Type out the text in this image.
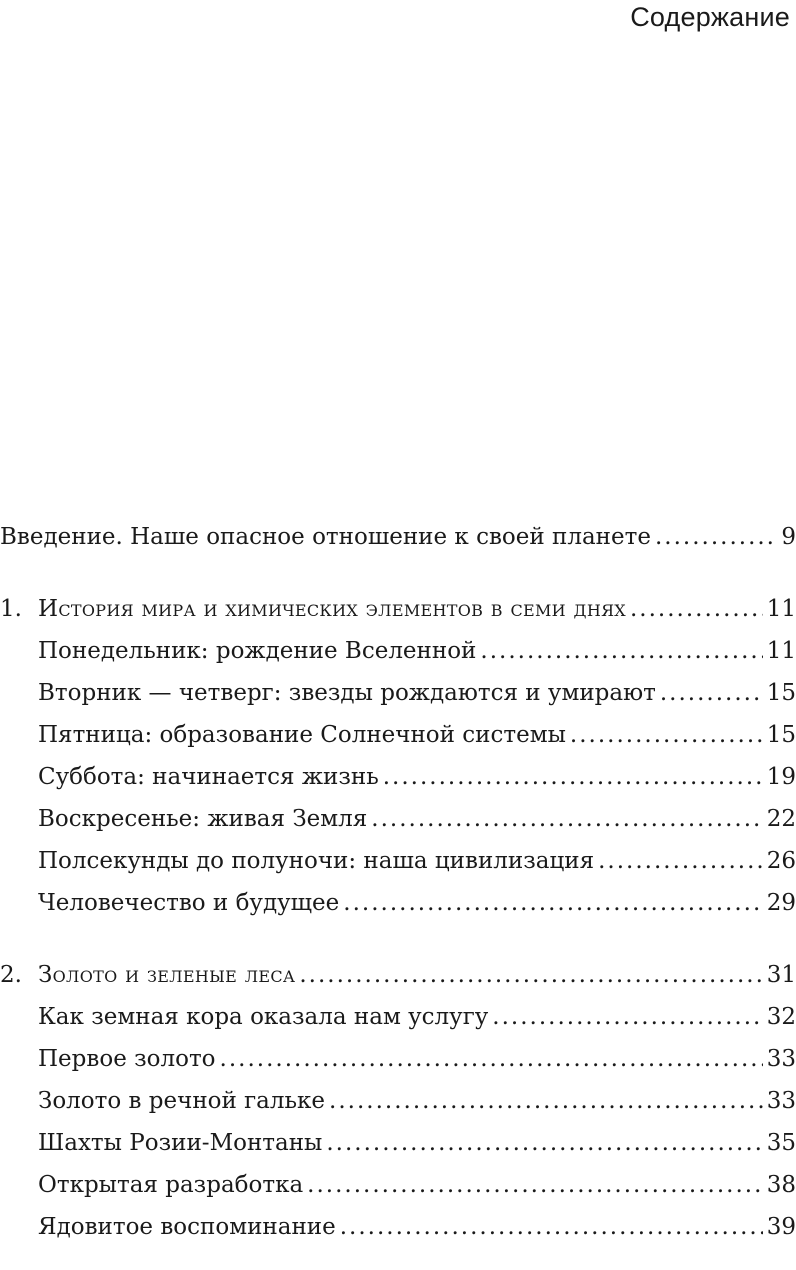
Содержание
Введение. Наше опасное отношение к своей планете .....	9
1. История мира и химических элементов в семи днях .....	11
Понедельник: рождение Вселенной .....	11
Вторник — четверг: звезды рождаются и умирают .....	15
Пятница: образование Солнечной системы .....	15
Суббота: начинается жизнь .....	19
Воскресенье: живая Земля .....	22
Полсекунды до полуночи: наша цивилизация .....	26
Человечество и будущее .....	29
2. Золото и зеленые леса .....	31
Как земная кора оказала нам услугу .....	32
Первое золото .....	33
Золото в речной гальке .....	33
Шахты Розии-Монтаны .....	35
Открытая разработка .....	38
Ядовитое воспоминание .....	39
